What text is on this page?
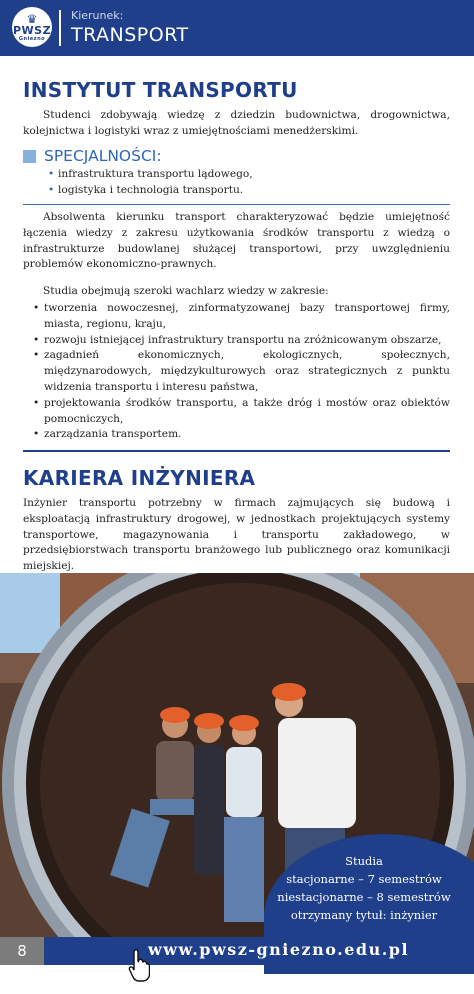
♛
PWSZ
Gniezno
Kierunek:
TRANSPORT
INSTYTUT TRANSPORTU

Studenci zdobywają wiedzę z dziedzin budownictwa, drogownictwa, kolejnictwa i logistyki wraz z umiejętnościami menedżerskimi.

SPECJALNOŚCI:
• infrastruktura transportu lądowego,
• logistyka i technologia transportu.

Absolwenta kierunku transport charakteryzować będzie umiejętność łączenia wiedzy z zakresu użytkowania środków transportu z wiedzą o infrastrukturze budowlanej służącej transportowi, przy uwzględnieniu problemów ekonomiczno-prawnych.

Studia obejmują szeroki wachlarz wiedzy w zakresie:

• tworzenia nowoczesnej, zinformatyzowanej bazy transportowej firmy, miasta, regionu, kraju,
• rozwoju istniejącej infrastruktury transportu na zróżnicowanym obszarze,
• zagadnień ekonomicznych, ekologicznych, społecznych, międzynarodowych, międzykulturowych oraz strategicznych z punktu widzenia transportu i interesu państwa,
• projektowania środków transportu, a także dróg i mostów oraz obiektów pomocniczych,
• zarządzania transportem.
KARIERA INŻYNIERA

Inżynier transportu potrzebny w firmach zajmujących się budową i eksploatacją infrastruktury drogowej, w jednostkach projektujących systemy transportowe, magazynowania i transportu zakładowego, w przedsiębiorstwach transportu branżowego lub publicznego oraz komunikacji miejskiej.

Studia
stacjonarne – 7 semestrów
niestacjonarne – 8 semestrów
otrzymany tytuł: inżynier
8	www.pwsz-gniezno.edu.pl
